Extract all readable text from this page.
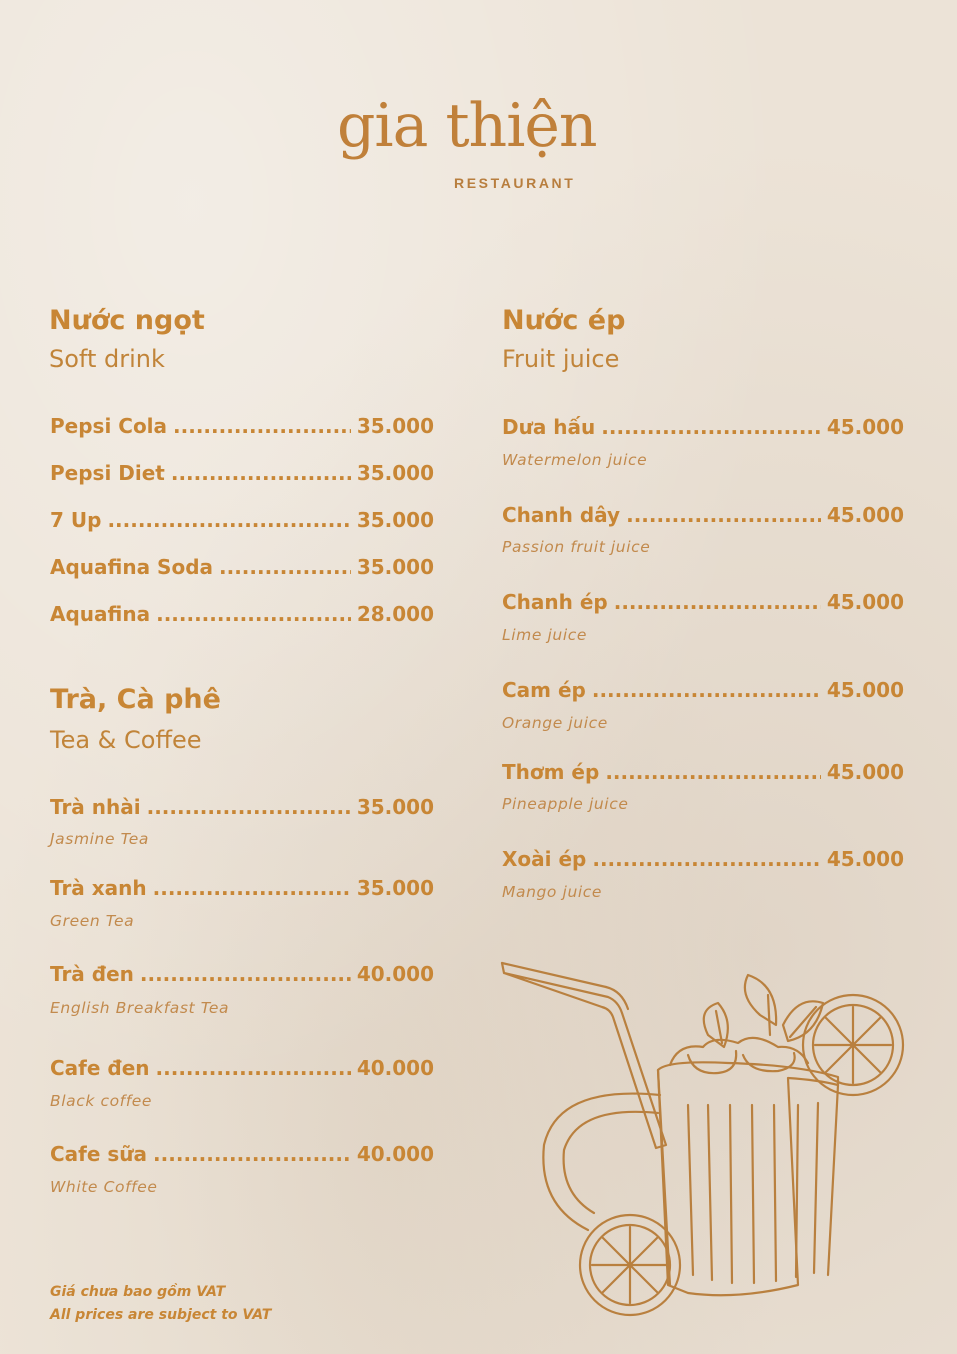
gia thiện
RESTAURANT
Nước ngọt
Soft drink
Pepsi Cola .....	35.000
Pepsi Diet .....	35.000
7 Up .....	35.000
Aquafina Soda .....	35.000
Aquafina .....	28.000
Trà, Cà phê
Tea & Coffee
Trà nhài .....	35.000
Jasmine Tea
Trà xanh .....	35.000
Green Tea
Trà đen .....	40.000
English Breakfast Tea
Cafe đen .....	40.000
Black coffee
Cafe sữa .....	40.000
White Coffee
Nước ép
Fruit juice
Dưa hấu .....	45.000
Watermelon juice
Chanh dây .....	45.000
Passion fruit juice
Chanh ép .....	45.000
Lime juice
Cam ép .....	45.000
Orange juice
Thơm ép .....	45.000
Pineapple juice
Xoài ép .....	45.000
Mango juice
Giá chưa bao gồm VAT
All prices are subject to VAT
